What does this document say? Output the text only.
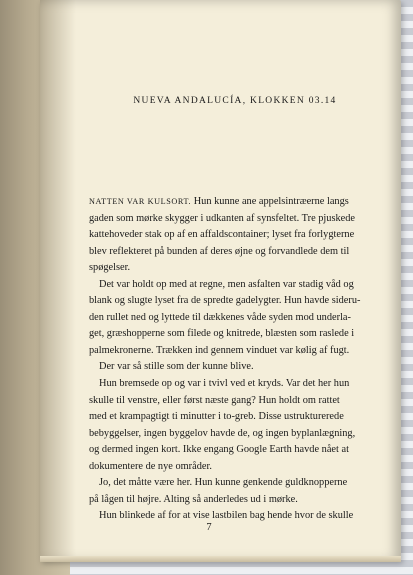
NUEVA ANDALUCÍA, KLOKKEN 03.14
NATTEN VAR KULSORT. Hun kunne ane appelsintræerne langs
gaden som mørke skygger i udkanten af synsfeltet. Tre pjuskede
kattehoveder stak op af en affaldscontainer; lyset fra forlygterne
blev reflekteret på bunden af deres øjne og forvandlede dem til
spøgelser.
Det var holdt op med at regne, men asfalten var stadig våd og
blank og slugte lyset fra de spredte gadelygter. Hun havde sideru-
den rullet ned og lyttede til dækkenes våde syden mod underla-
get, græshopperne som filede og knitrede, blæsten som raslede i
palmekronerne. Trækken ind gennem vinduet var kølig af fugt.
Der var så stille som der kunne blive.
Hun bremsede op og var i tvivl ved et kryds. Var det her hun
skulle til venstre, eller først næste gang? Hun holdt om rattet
med et krampagtigt ti minutter i to-greb. Disse ustrukturerede
bebyggelser, ingen byggelov havde de, og ingen byplanlægning,
og dermed ingen kort. Ikke engang Google Earth havde nået at
dokumentere de nye områder.
Jo, det måtte være her. Hun kunne genkende guldknopperne
på lågen til højre. Alting så anderledes ud i mørke.
Hun blinkede af for at vise lastbilen bag hende hvor de skulle
7
